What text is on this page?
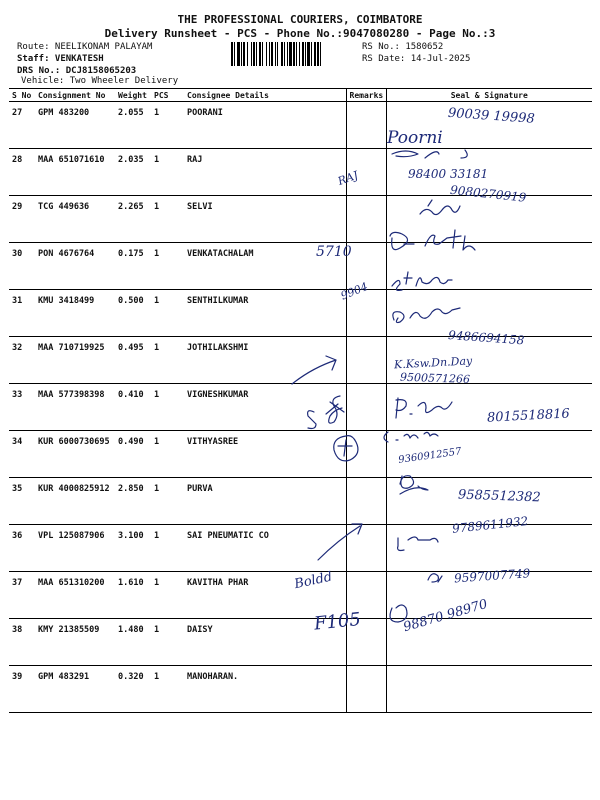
THE PROFESSIONAL COURIERS, COIMBATORE
Delivery Runsheet - PCS - Phone No.:9047080280 - Page No.:3
Route: NEELIKONAM PALAYAM
Staff: VENKATESH
DRS No.: DCJ8158065203
Vehicle: Two Wheeler Delivery
RS No.: 1580652
RS Date: 14-Jul-2025
S No	Consignment No	Weight	PCS	Consignee Details	Remarks	Seal & Signature
27	GPM 483200	2.055	1	POORANI		
28	MAA 651071610	2.035	1	RAJ		
29	TCG 449636	2.265	1	SELVI		
30	PON 4676764	0.175	1	VENKATACHALAM		
31	KMU 3418499	0.500	1	SENTHILKUMAR		
32	MAA 710719925	0.495	1	JOTHILAKSHMI		
33	MAA 577398398	0.410	1	VIGNESHKUMAR		
34	KUR 6000730695	0.490	1	VITHYASREE		
35	KUR 4000825912	2.850	1	PURVA		
36	VPL 125087906	3.100	1	SAI PNEUMATIC CO		
37	MAA 651310200	1.610	1	KAVITHA PHAR		
38	KMY 21385509	1.480	1	DAISY		
39	GPM 483291	0.320	1	MANOHARAN.		
90039 19998
Poorni
RAJ	98400 33181
9080270919
5710
9904
9486694158
K.Ksw.Dn.Day
9500571266
8015518816
9360912557
9585512382
9789611932
Boldd	9597007749
F105	98870 98970
